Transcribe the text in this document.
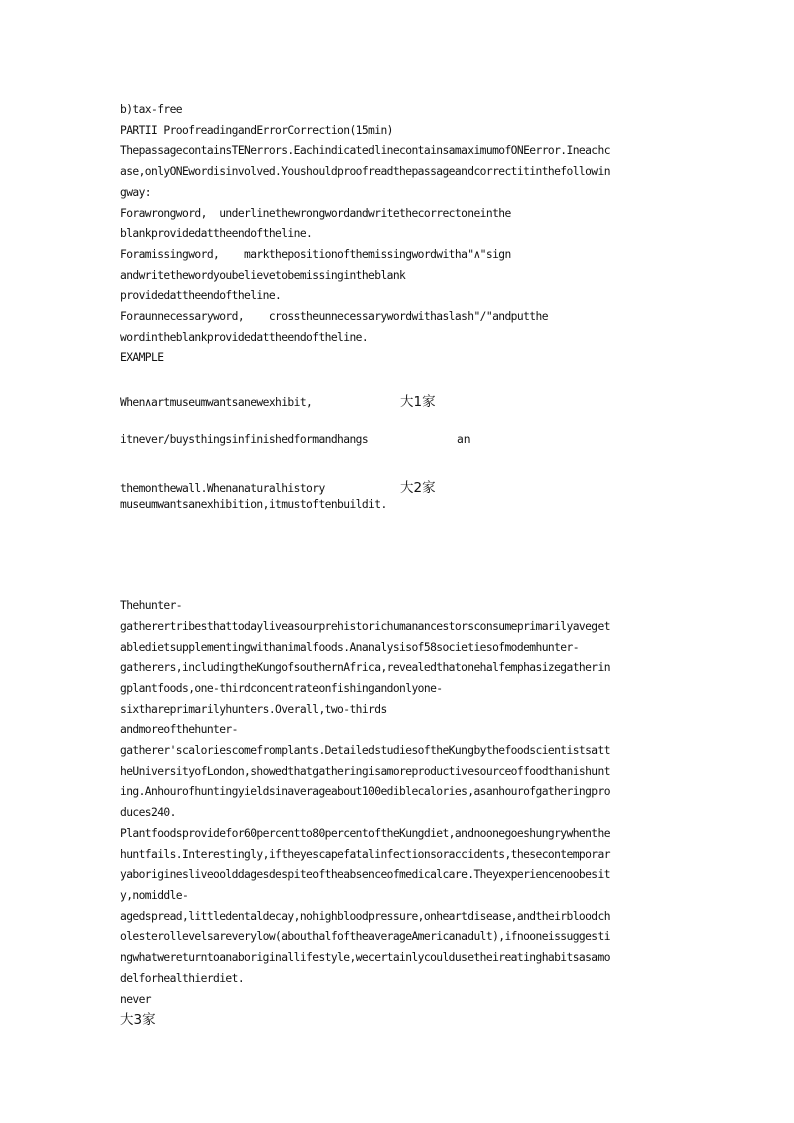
b)tax-free
PARTII ProofreadingandErrorCorrection(15min)
ThepassagecontainsTENerrors.EachindicatedlinecontainsamaximumofONEerror.Ineachc
ase,onlyONEwordisinvolved.Youshouldproofreadthepassageandcorrectitinthefollowin
gway:
Forawrongword,  underlinethewrongwordandwritethecorrectoneinthe
blankprovidedattheendoftheline.
Foramissingword,    markthepositionofthemissingwordwitha"∧"sign
andwritethewordyoubelievetobemissingintheblank
providedattheendoftheline.
Foraunnecessaryword,    crosstheunnecessarywordwithaslash"/"andputthe
wordintheblankprovidedattheendoftheline.
EXAMPLE
When∧artmuseumwantsanewexhibit,	大1家
itnever/buysthingsinfinishedformandhangs	an
themonthewall.Whenanaturalhistory	大2家
museumwantsanexhibition,itmustoftenbuildit.
Thehunter-
gatherertribesthattodayliveasourprehistorichumanancestorsconsumeprimarilyaveget
abledietsupplementingwithanimalfoods.Ananalysisof58societiesofmodemhunter-
gatherers,includingtheKungofsouthernAfrica,revealedthatonehalfemphasizegatherin
gplantfoods,one-thirdconcentrateonfishingandonlyone-
sixthareprimarilyhunters.Overall,two-thirds
andmoreofthehunter-
gatherer'scaloriescomefromplants.DetailedstudiesoftheKungbythefoodscientistsatt
heUniversityofLondon,showedthatgatheringisamoreproductivesourceoffoodthanishunt
ing.Anhourofhuntingyieldsinaverageabout100ediblecalories,asanhourofgatheringpro
duces240.
Plantfoodsprovidefor60percentto80percentoftheKungdiet,andnoonegoeshungrywhenthe
huntfails.Interestingly,iftheyescapefatalinfectionsoraccidents,thesecontemporar
yaboriginesliveoolddagesdespiteoftheabsenceofmedicalcare.Theyexperiencenoobesit
y,nomiddle-
agedspread,littledentaldecay,nohighbloodpressure,onheartdisease,andtheirbloodch
olesterollevelsareverylow(abouthalfoftheaverageAmericanadult),ifnooneissuggesti
ngwhatwereturntoanaboriginallifestyle,wecertainlycouldusetheireatinghabitsasamo
delforhealthierdiet.
never
大3家
